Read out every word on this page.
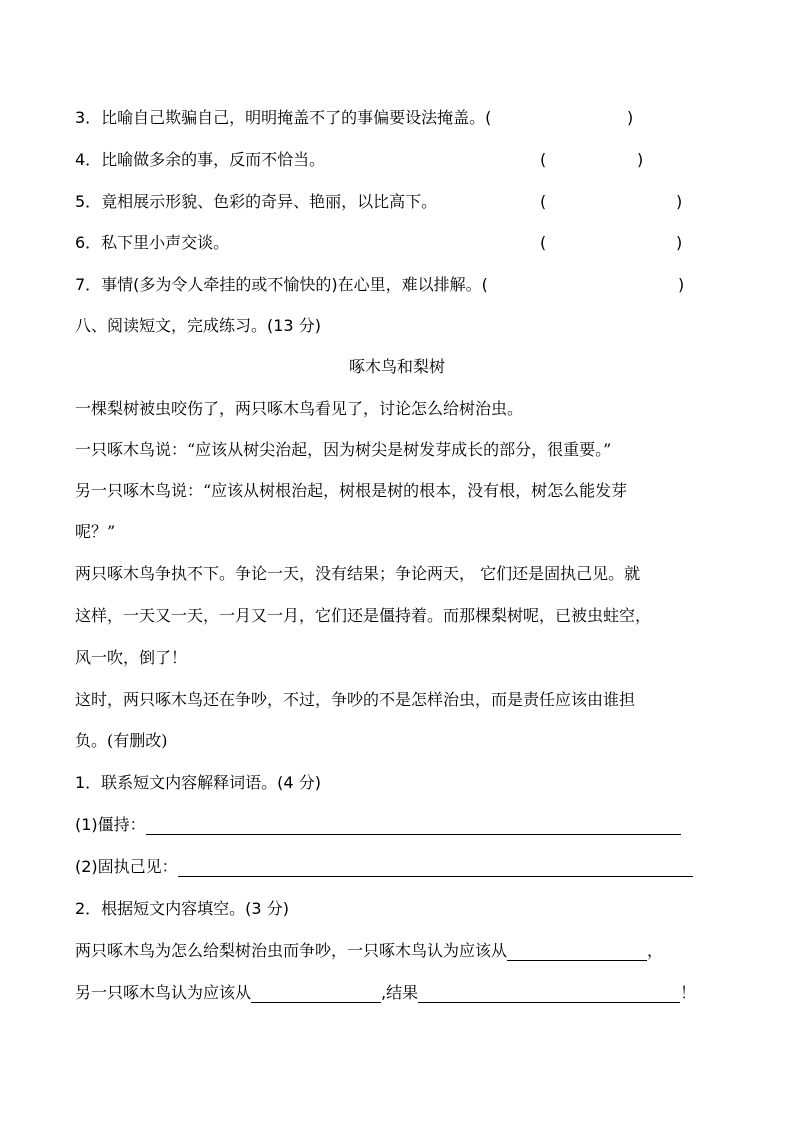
3．比喻自己欺骗自己，明明掩盖不了的事偏要设法掩盖。(	)
4．比喻做多余的事，反而不恰当。	(	)
5．竟相展示形貌、色彩的奇异、艳丽，以比高下。	(	)
6．私下里小声交谈。	(	)
7．事情(多为令人牵挂的或不愉快的)在心里，难以排解。(	)
八、阅读短文，完成练习。(13 分)
啄木鸟和梨树
一棵梨树被虫咬伤了，两只啄木鸟看见了，讨论怎么给树治虫。
一只啄木鸟说：“应该从树尖治起，因为树尖是树发芽成长的部分，很重要。”
另一只啄木鸟说：“应该从树根治起，树根是树的根本，没有根，树怎么能发芽
呢？”
两只啄木鸟争执不下。争论一天，没有结果；争论两天， 它们还是固执己见。就
这样，一天又一天，一月又一月，它们还是僵持着。而那棵梨树呢，已被虫蛀空，
风一吹，倒了！
这时，两只啄木鸟还在争吵，不过，争吵的不是怎样治虫，而是责任应该由谁担
负。(有删改)
1．联系短文内容解释词语。(4 分)
(1)僵持：
(2)固执己见：
2．根据短文内容填空。(3 分)
两只啄木鸟为怎么给梨树治虫而争吵，一只啄木鸟认为应该从	，
另一只啄木鸟认为应该从	,结果	！
